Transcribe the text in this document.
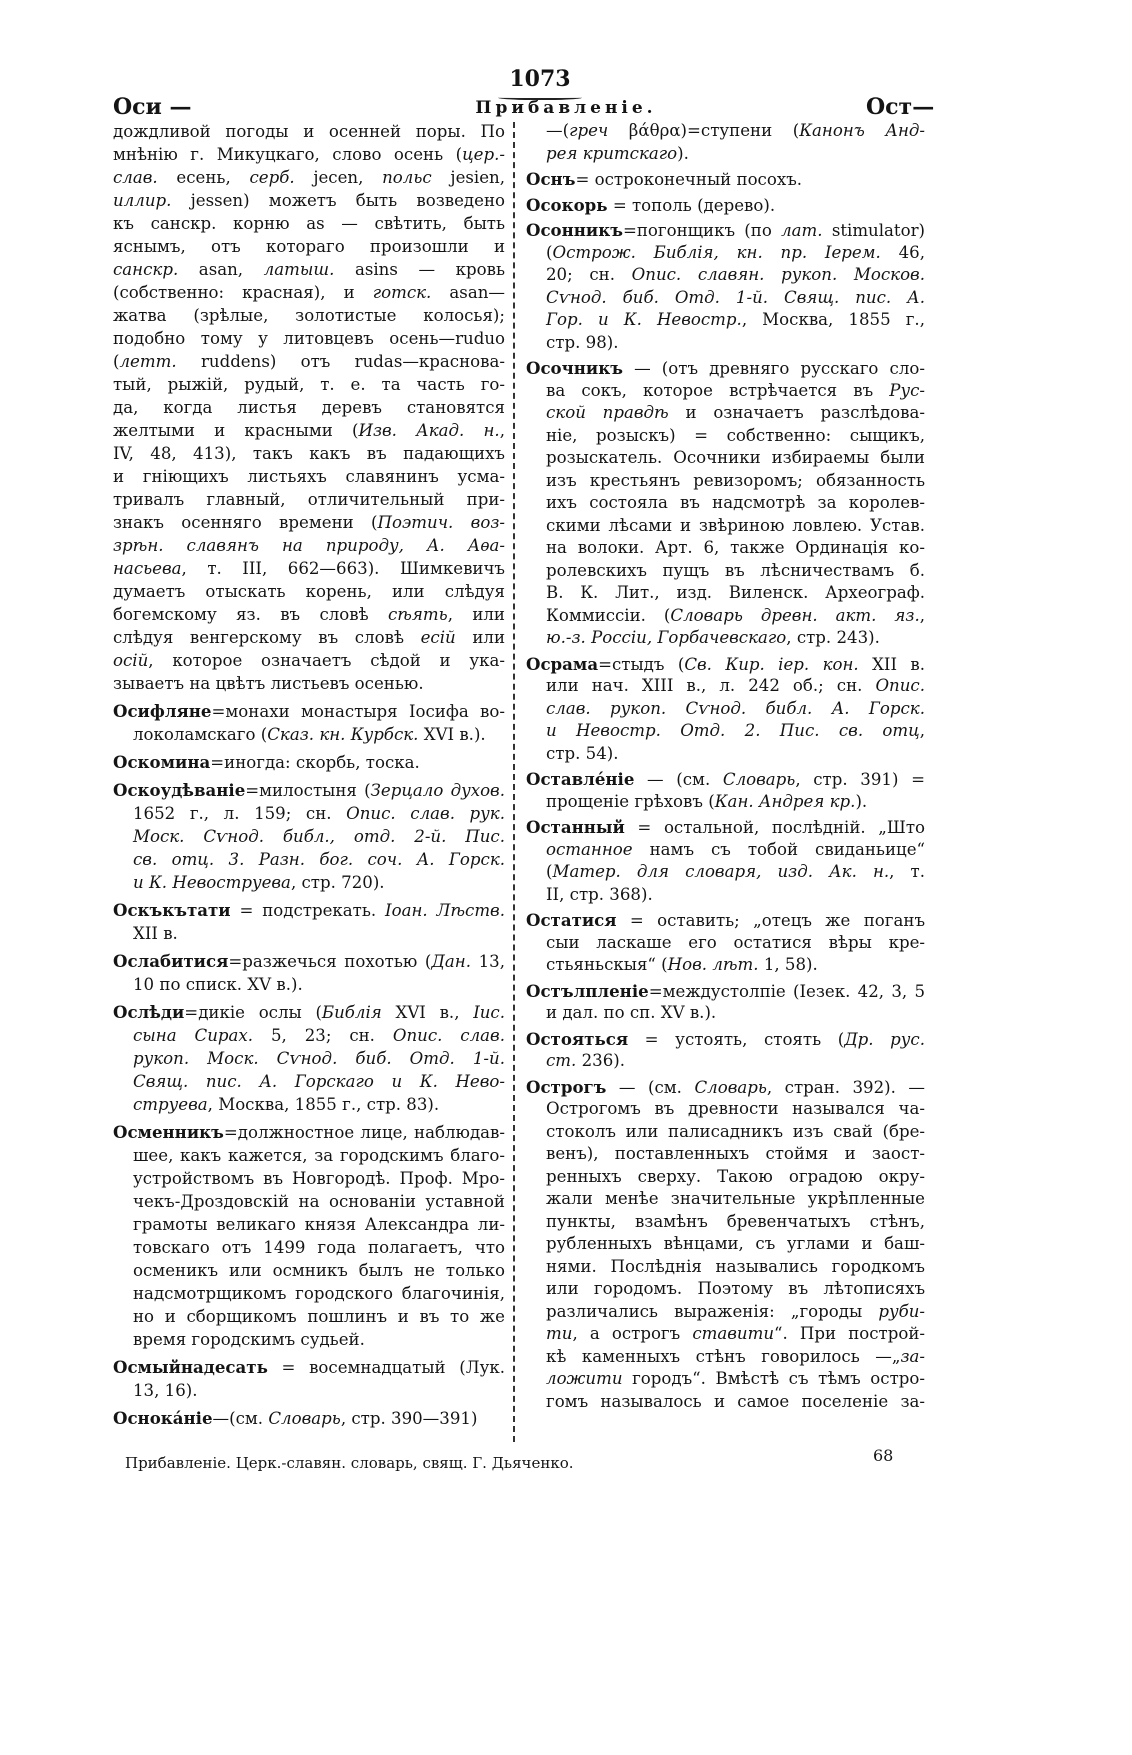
1073
Оси —	Прибавленіе.	Ост—
дождливой погоды и осенней поры. По
мнѣнію г. Микуцкаго, слово осень (цер.-
слав. есень, серб. jecen, польс jesien,
иллир. jessen) можетъ быть возведено
къ санскр. корню as — свѣтить, быть
яснымъ, отъ котораго произошли и
санскр. asan, латыш. asins — кровь
(собственно: красная), и готск. asan—
жатва (зрѣлые, золотистые колосья);
подобно тому у литовцевъ осень—ruduo
(летт. ruddens) отъ rudas—краснова-
тый, рыжій, рудый, т. е. та часть го-
да, когда листья деревъ становятся
желтыми и красными (Изв. Акад. н.,
IV, 48, 413), такъ какъ въ падающихъ
и гніющихъ листьяхъ славянинъ усма-
тривалъ главный, отличительный при-
знакъ осенняго времени (Поэтич. воз-
зрѣн. славянъ на природу, А. Аѳа-
насьева, т. III, 662—663). Шимкевичъ
думаетъ отыскать корень, или слѣдуя
богемскому яз. въ словѣ сѣять, или
слѣдуя венгерскому въ словѣ есій или
осій, которое означаетъ сѣдой и ука-
зываетъ на цвѣтъ листьевъ осенью.
Осифляне=монахи монастыря Іосифа во-
локоламскаго (Сказ. кн. Курбск. XVI в.).
Оскомина=иногда: скорбь, тоска.
Оскоудѣваніе=милостыня (Зерцало духов.
1652 г., л. 159; сн. Опис. слав. рук.
Моск. Сѵнод. библ., отд. 2-й. Пис.
св. отц. 3. Разн. бог. соч. А. Горск.
и К. Невоструева, стр. 720).
Оскъкътати = подстрекать. Іоан. Лѣств.
XII в.
Ослабитися=разжечься похотью (Дан. 13,
10 по списк. XV в.).
Ослѣди=дикіе ослы (Библія XVI в., Іис.
сына Сирах. 5, 23; сн. Опис. слав.
рукоп. Моск. Сѵнод. биб. Отд. 1-й.
Свящ. пис. А. Горскаго и К. Нево-
струева, Москва, 1855 г., стр. 83).
Осменникъ=должностное лице, наблюдав-
шее, какъ кажется, за городскимъ благо-
устройствомъ въ Новгородѣ. Проф. Мро-
чекъ-Дроздовскій на основаніи уставной
грамоты великаго князя Александра ли-
товскаго отъ 1499 года полагаетъ, что
осменикъ или осмникъ былъ не только
надсмотрщикомъ городского благочинія,
но и сборщикомъ пошлинъ и въ то же
время городскимъ судьей.
Осмыйнадесать = восемнадцатый (Лук.
13, 16).
Оснока́ніе—(см. Словарь, стр. 390—391)
—(греч βάθρα)=ступени (Канонъ Анд-
рея критскаго).
Оснъ= остроконечный посохъ.
Осокорь = тополь (дерево).
Осонникъ=погонщикъ (по лат. stimulator)
(Острож. Библія, кн. пр. Іерем. 46,
20; сн. Опис. славян. рукоп. Москов.
Сѵнод. биб. Отд. 1-й. Свящ. пис. А.
Гор. и К. Невостр., Москва, 1855 г.,
стр. 98).
Осочникъ — (отъ древняго русскаго сло-
ва сокъ, которое встрѣчается въ Рус-
ской правдѣ и означаетъ разслѣдова-
ніе, розыскъ) = собственно: сыщикъ,
розыскатель. Осочники избираемы были
изъ крестьянъ ревизоромъ; обязанность
ихъ состояла въ надсмотрѣ за королев-
скими лѣсами и звѣриною ловлею. Устав.
на волоки. Арт. 6, также Ординація ко-
ролевскихъ пущъ въ лѣсничествамъ б.
В. К. Лит., изд. Виленск. Археограф.
Коммиссіи. (Словарь древн. акт. яз.,
ю.-з. Россіи, Горбачевскаго, стр. 243).
Осрама=стыдъ (Св. Кир. іер. кон. XII в.
или нач. XIII в., л. 242 об.; сн. Опис.
слав. рукоп. Сѵнод. библ. А. Горск.
и Невостр. Отд. 2. Пис. св. отц,
стр. 54).
Оставле́ніе — (см. Словарь, стр. 391) =
прощеніе грѣховъ (Кан. Андрея кр.).
Останный = остальной, послѣдній. „Што
останное намъ съ тобой свиданьице“
(Матер. для словаря, изд. Ак. н., т.
II, стр. 368).
Остатися = оставить; „отецъ же поганъ
сыи ласкаше его остатися вѣры кре-
стьяньскыя“ (Нов. лѣт. 1, 58).
Остълпленіе=междустолпіе (Іезек. 42, 3, 5
и дал. по сп. XV в.).
Остояться = устоять, стоять (Др. рус.
ст. 236).
Острогъ — (см. Словарь, стран. 392). —
Острогомъ въ древности назывался ча-
стоколъ или палисадникъ изъ свай (бре-
венъ), поставленныхъ стоймя и заост-
ренныхъ сверху. Такою оградою окру-
жали менѣе значительные укрѣпленные
пункты, взамѣнъ бревенчатыхъ стѣнъ,
рубленныхъ вѣнцами, съ углами и баш-
нями. Послѣднія назывались городкомъ
или городомъ. Поэтому въ лѣтописяхъ
различались выраженія: „городы руби-
ти, а острогъ ставити“. При построй-
кѣ каменныхъ стѣнъ говорилось —„за-
ложити городъ“. Вмѣстѣ съ тѣмъ остро-
гомъ называлось и самое поселеніе за-
Прибавленіе. Церк.-славян. словарь, свящ. Г. Дьяченко.	68
